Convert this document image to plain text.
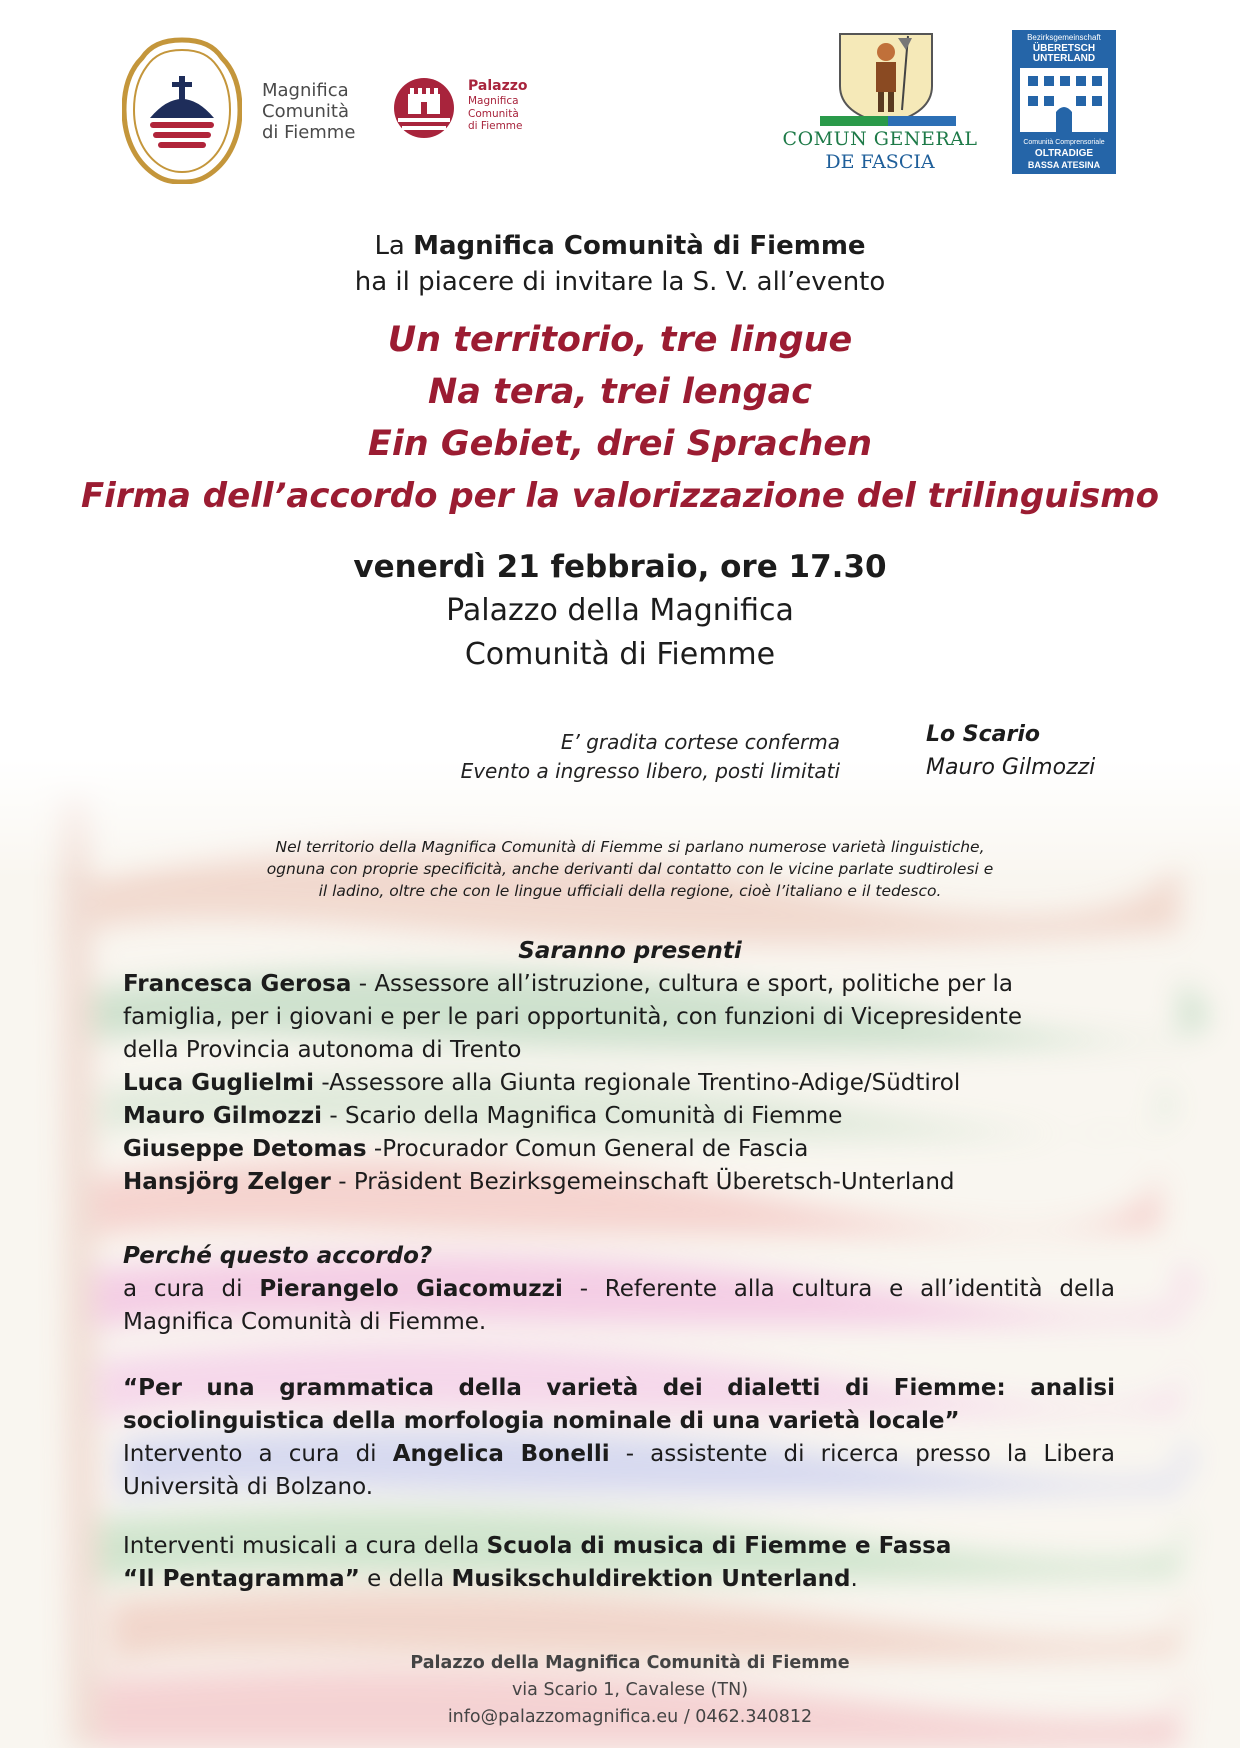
Magnifica
Comunità
di Fiemme
Palazzo
Magnifica
Comunità
di Fiemme
COMUN GENERAL
DE FASCIA
Bezirksgemeinschaft
ÜBERETSCH
UNTERLAND
Comunità Comprensoriale
OLTRADIGE
BASSA ATESINA
La Magnifica Comunità di Fiemme
ha il piacere di invitare la S. V. all’evento
Un territorio, tre lingue
Na tera, trei lengac
Ein Gebiet, drei Sprachen
Firma dell’accordo per la valorizzazione del trilinguismo
venerdì 21 febbraio, ore 17.30
Palazzo della Magnifica
Comunità di Fiemme
E’ gradita cortese conferma
Evento a ingresso libero, posti limitati
Lo Scario
Mauro Gilmozzi
Nel territorio della Magnifica Comunità di Fiemme si parlano numerose varietà linguistiche,
ognuna con proprie specificità, anche derivanti dal contatto con le vicine parlate sudtirolesi e
il ladino, oltre che con le lingue ufficiali della regione, cioè l’italiano e il tedesco.
Saranno presenti
Francesca Gerosa - Assessore all’istruzione, cultura e sport, politiche per la
famiglia, per i giovani e per le pari opportunità, con funzioni di Vicepresidente
della Provincia autonoma di Trento
Luca Guglielmi -Assessore alla Giunta regionale Trentino-Adige/Südtirol
Mauro Gilmozzi - Scario della Magnifica Comunità di Fiemme
Giuseppe Detomas -Procurador Comun General de Fascia
Hansjörg Zelger - Präsident Bezirksgemeinschaft Überetsch-Unterland
Perché questo accordo?
a cura di Pierangelo Giacomuzzi - Referente alla cultura e all’identità della Magnifica Comunità di Fiemme.
“Per una grammatica della varietà dei dialetti di Fiemme: analisi sociolinguistica della morfologia nominale di una varietà locale”
Intervento a cura di Angelica Bonelli - assistente di ricerca presso la Libera Università di Bolzano.
Interventi musicali a cura della Scuola di musica di Fiemme e Fassa
“Il Pentagramma” e della Musikschuldirektion Unterland.
Palazzo della Magnifica Comunità di Fiemme
via Scario 1, Cavalese (TN)
info@palazzomagnifica.eu / 0462.340812
